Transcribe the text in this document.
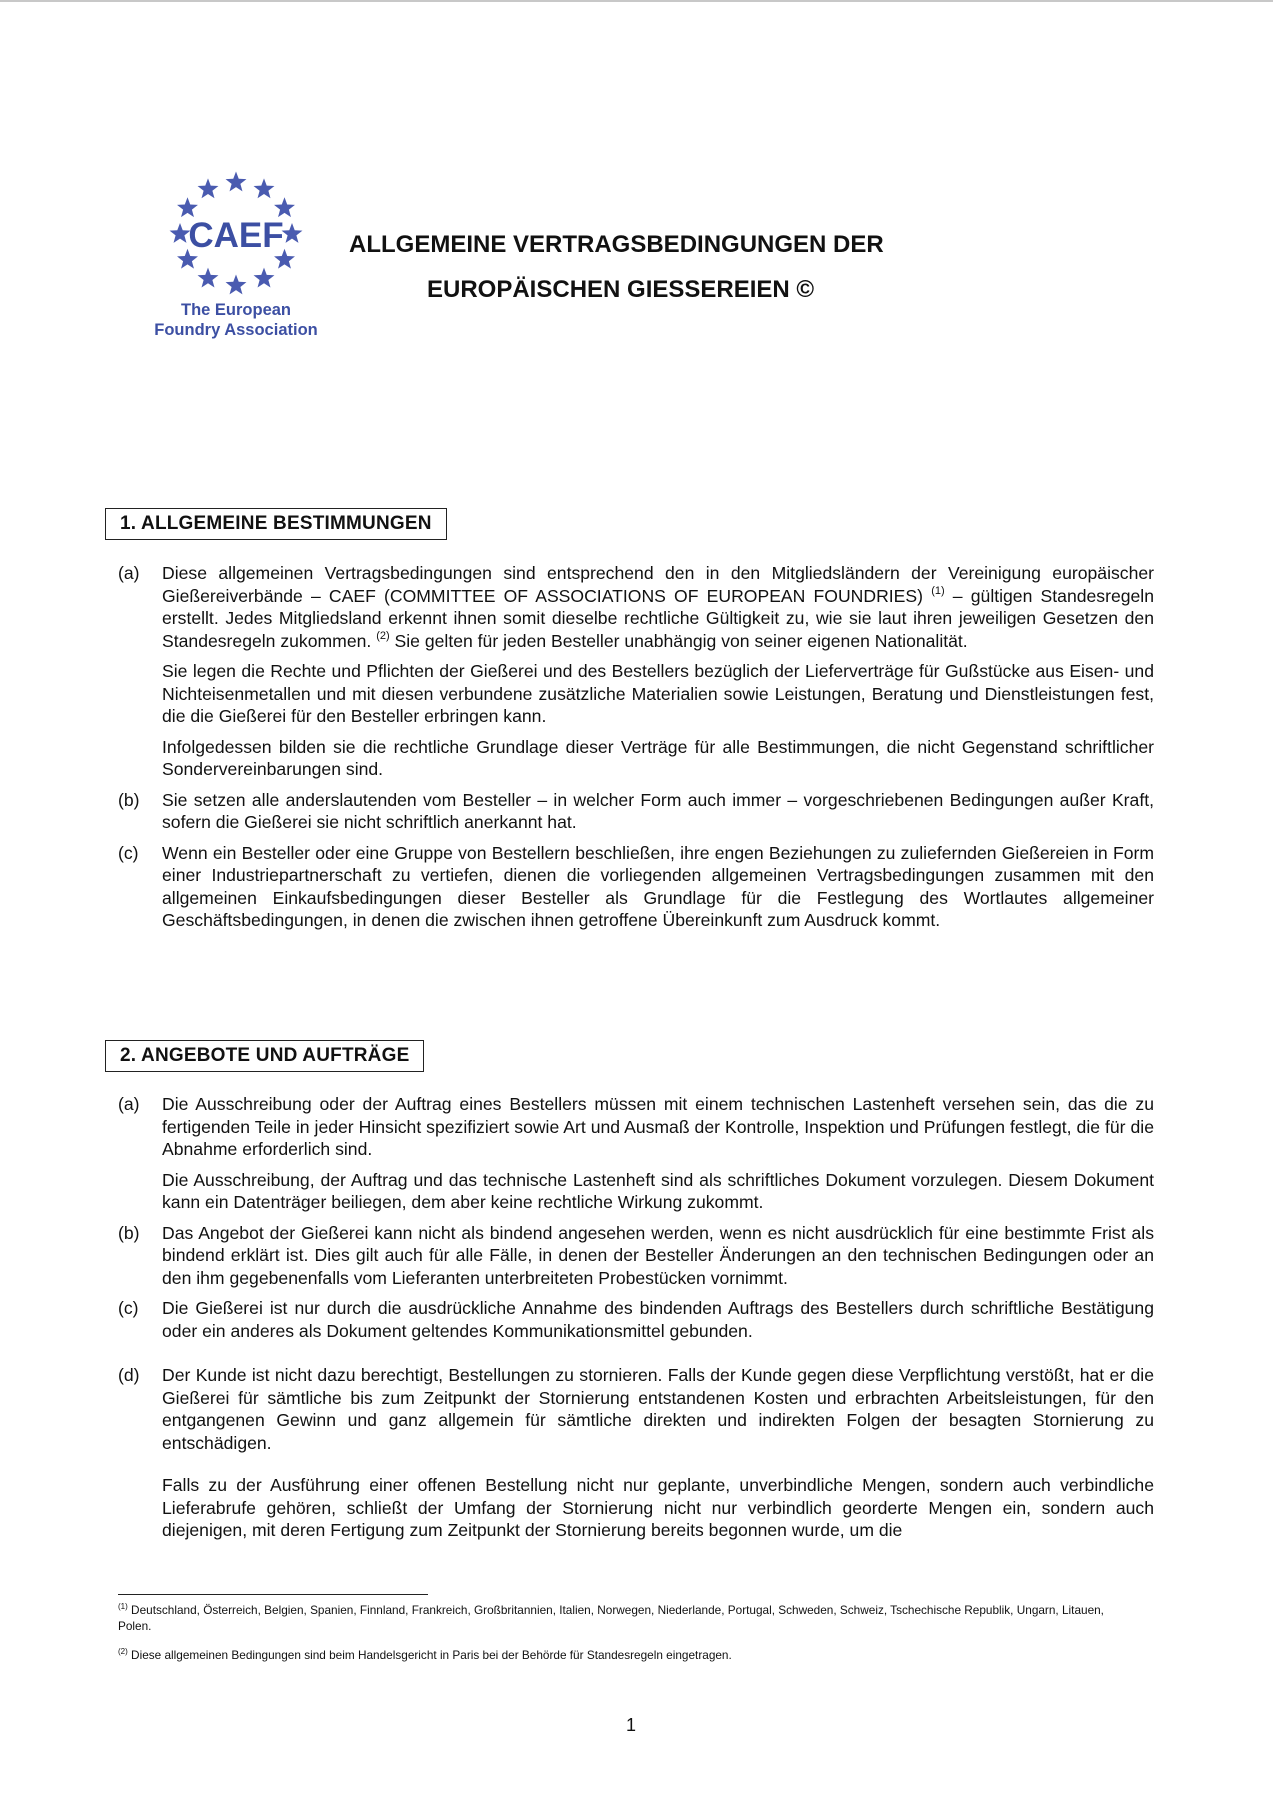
CAEF
The European
Foundry Association
ALLGEMEINE VERTRAGSBEDINGUNGEN DER
EUROPÄISCHEN GIESSEREIEN ©
1. ALLGEMEINE BESTIMMUNGEN
(a) Diese allgemeinen Vertragsbedingungen sind entsprechend den in den Mitgliedsländern der Vereinigung europäischer Gießereiverbände – CAEF (COMMITTEE OF ASSOCIATIONS OF EUROPEAN FOUNDRIES) $^{(1)}$ – gültigen Standesregeln erstellt. Jedes Mitgliedsland erkennt ihnen somit dieselbe rechtliche Gültigkeit zu, wie sie laut ihren jeweiligen Gesetzen den Standesregeln zukommen. $^{(2)}$ Sie gelten für jeden Besteller unabhängig von seiner eigenen Nationalität.

Sie legen die Rechte und Pflichten der Gießerei und des Bestellers bezüglich der Lieferverträge für Gußstücke aus Eisen- und Nichteisenmetallen und mit diesen verbundene zusätzliche Materialien sowie Leistungen, Beratung und Dienstleistungen fest, die die Gießerei für den Besteller erbringen kann.

Infolgedessen bilden sie die rechtliche Grundlage dieser Verträge für alle Bestimmungen, die nicht Gegenstand schriftlicher Sondervereinbarungen sind.

(b) Sie setzen alle anderslautenden vom Besteller – in welcher Form auch immer – vorgeschriebenen Bedingungen außer Kraft, sofern die Gießerei sie nicht schriftlich anerkannt hat.

(c) Wenn ein Besteller oder eine Gruppe von Bestellern beschließen, ihre engen Beziehungen zu zuliefernden Gießereien in Form einer Industriepartnerschaft zu vertiefen, dienen die vorliegenden allgemeinen Vertragsbedingungen zusammen mit den allgemeinen Einkaufsbedingungen dieser Besteller als Grundlage für die Festlegung des Wortlautes allgemeiner Geschäftsbedingungen, in denen die zwischen ihnen getroffene Übereinkunft zum Ausdruck kommt.

2. ANGEBOTE UND AUFTRÄGE
(a) Die Ausschreibung oder der Auftrag eines Bestellers müssen mit einem technischen Lastenheft versehen sein, das die zu fertigenden Teile in jeder Hinsicht spezifiziert sowie Art und Ausmaß der Kontrolle, Inspektion und Prüfungen festlegt, die für die Abnahme erforderlich sind.

Die Ausschreibung, der Auftrag und das technische Lastenheft sind als schriftliches Dokument vorzulegen. Diesem Dokument kann ein Datenträger beiliegen, dem aber keine rechtliche Wirkung zukommt.

(b) Das Angebot der Gießerei kann nicht als bindend angesehen werden, wenn es nicht ausdrücklich für eine bestimmte Frist als bindend erklärt ist. Dies gilt auch für alle Fälle, in denen der Besteller Änderungen an den technischen Bedingungen oder an den ihm gegebenenfalls vom Lieferanten unterbreiteten Probestücken vornimmt.

(c) Die Gießerei ist nur durch die ausdrückliche Annahme des bindenden Auftrags des Bestellers durch schriftliche Bestätigung oder ein anderes als Dokument geltendes Kommunikationsmittel gebunden.

(d) Der Kunde ist nicht dazu berechtigt, Bestellungen zu stornieren. Falls der Kunde gegen diese Verpflichtung verstößt, hat er die Gießerei für sämtliche bis zum Zeitpunkt der Stornierung entstandenen Kosten und erbrachten Arbeitsleistungen, für den entgangenen Gewinn und ganz allgemein für sämtliche direkten und indirekten Folgen der besagten Stornierung zu entschädigen.

Falls zu der Ausführung einer offenen Bestellung nicht nur geplante, unverbindliche Mengen, sondern auch verbindliche Lieferabrufe gehören, schließt der Umfang der Stornierung nicht nur verbindlich georderte Mengen ein, sondern auch diejenigen, mit deren Fertigung zum Zeitpunkt der Stornierung bereits begonnen wurde, um die

$^{(1)}$ Deutschland, Österreich, Belgien, Spanien, Finnland, Frankreich, Großbritannien, Italien, Norwegen, Niederlande, Portugal, Schweden, Schweiz, Tschechische Republik, Ungarn, Litauen, Polen.
$^{(2)}$ Diese allgemeinen Bedingungen sind beim Handelsgericht in Paris bei der Behörde für Standesregeln eingetragen.
1
